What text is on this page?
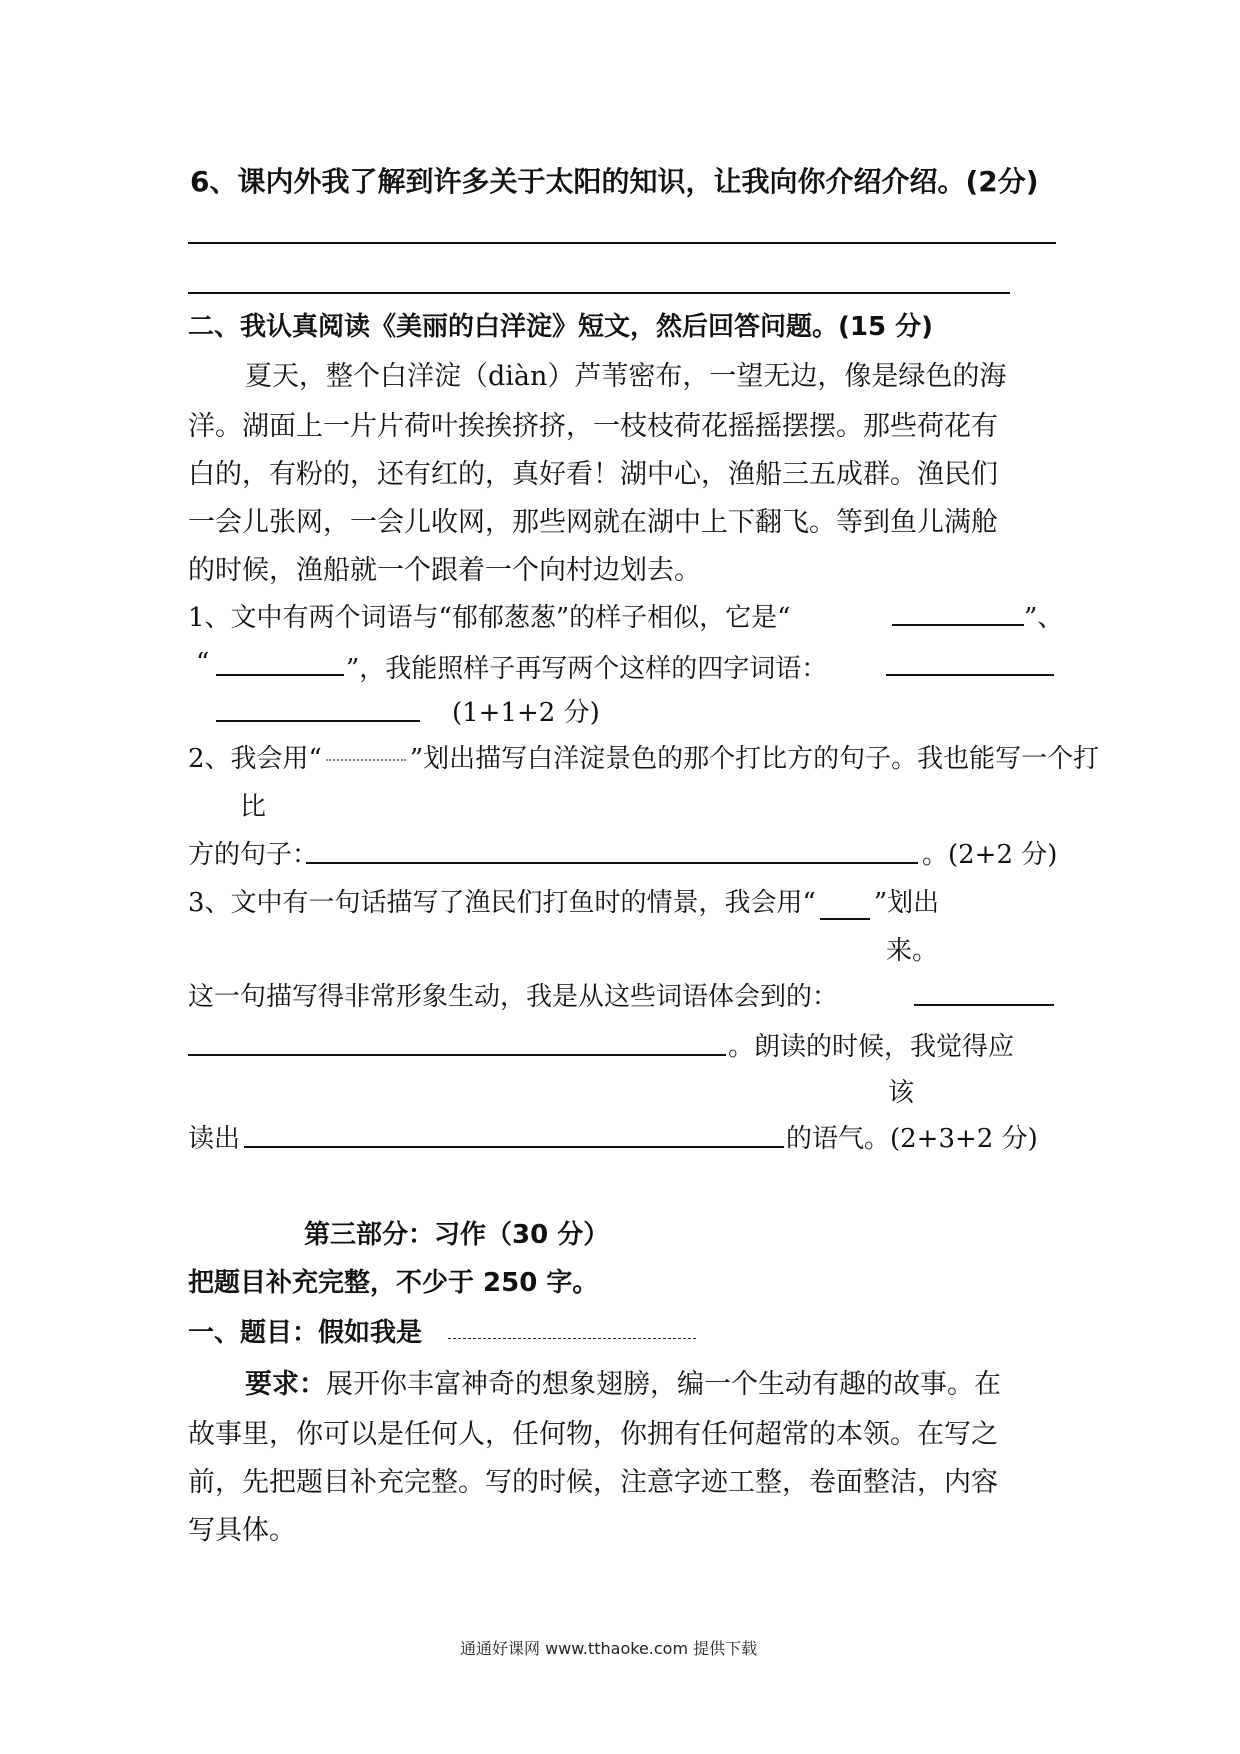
6、课内外我了解到许多关于太阳的知识，让我向你介绍介绍。(2分)
二、我认真阅读《美丽的白洋淀》短文，然后回答问题。(15 分)
夏天，整个白洋淀（diàn）芦苇密布，一望无边，像是绿色的海
洋。湖面上一片片荷叶挨挨挤挤，一枝枝荷花摇摇摆摆。那些荷花有
白的，有粉的，还有红的，真好看！湖中心，渔船三五成群。渔民们
一会儿张网，一会儿收网，那些网就在湖中上下翻飞。等到鱼儿满舱
的时候，渔船就一个跟着一个向村边划去。
1、文中有两个词语与“郁郁葱葱”的样子相似，它是“	”、
“	”，我能照样子再写两个这样的四字词语：
(1+1+2 分)
2、我会用“	”划出描写白洋淀景色的那个打比方的句子。我也能写一个打
比
方的句子：	。(2+2 分)
3、文中有一句话描写了渔民们打鱼时的情景，我会用“ ”划出
来。
这一句描写得非常形象生动，我是从这些词语体会到的：
。朗读的时候，我觉得应
该
读出	的语气。(2+3+2 分)
第三部分：习作（30 分）
把题目补充完整，不少于 250 字。
一、题目：假如我是
要求：展开你丰富神奇的想象翅膀，编一个生动有趣的故事。在
故事里，你可以是任何人，任何物，你拥有任何超常的本领。在写之
前，先把题目补充完整。写的时候，注意字迹工整，卷面整洁，内容
写具体。
通通好课网 www.tthaoke.com 提供下载
